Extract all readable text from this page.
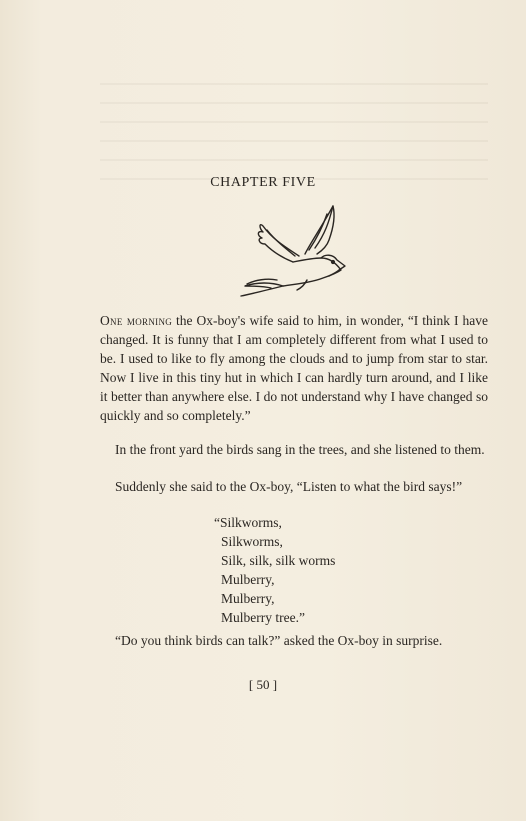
CHAPTER FIVE

One morning the Ox-boy's wife said to him, in wonder, “I think I have changed. It is funny that I am completely different from what I used to be. I used to like to fly among the clouds and to jump from star to star. Now I live in this tiny hut in which I can hardly turn around, and I like it better than anywhere else. I do not understand why I have changed so quickly and so completely.”

In the front yard the birds sang in the trees, and she listened to them.

Suddenly she said to the Ox-boy, “Listen to what the bird says!”

“Silkworms,
Silkworms,
Silk, silk, silk worms
Mulberry,
Mulberry,
Mulberry tree.”

“Do you think birds can talk?” asked the Ox-boy in surprise.

[ 50 ]
